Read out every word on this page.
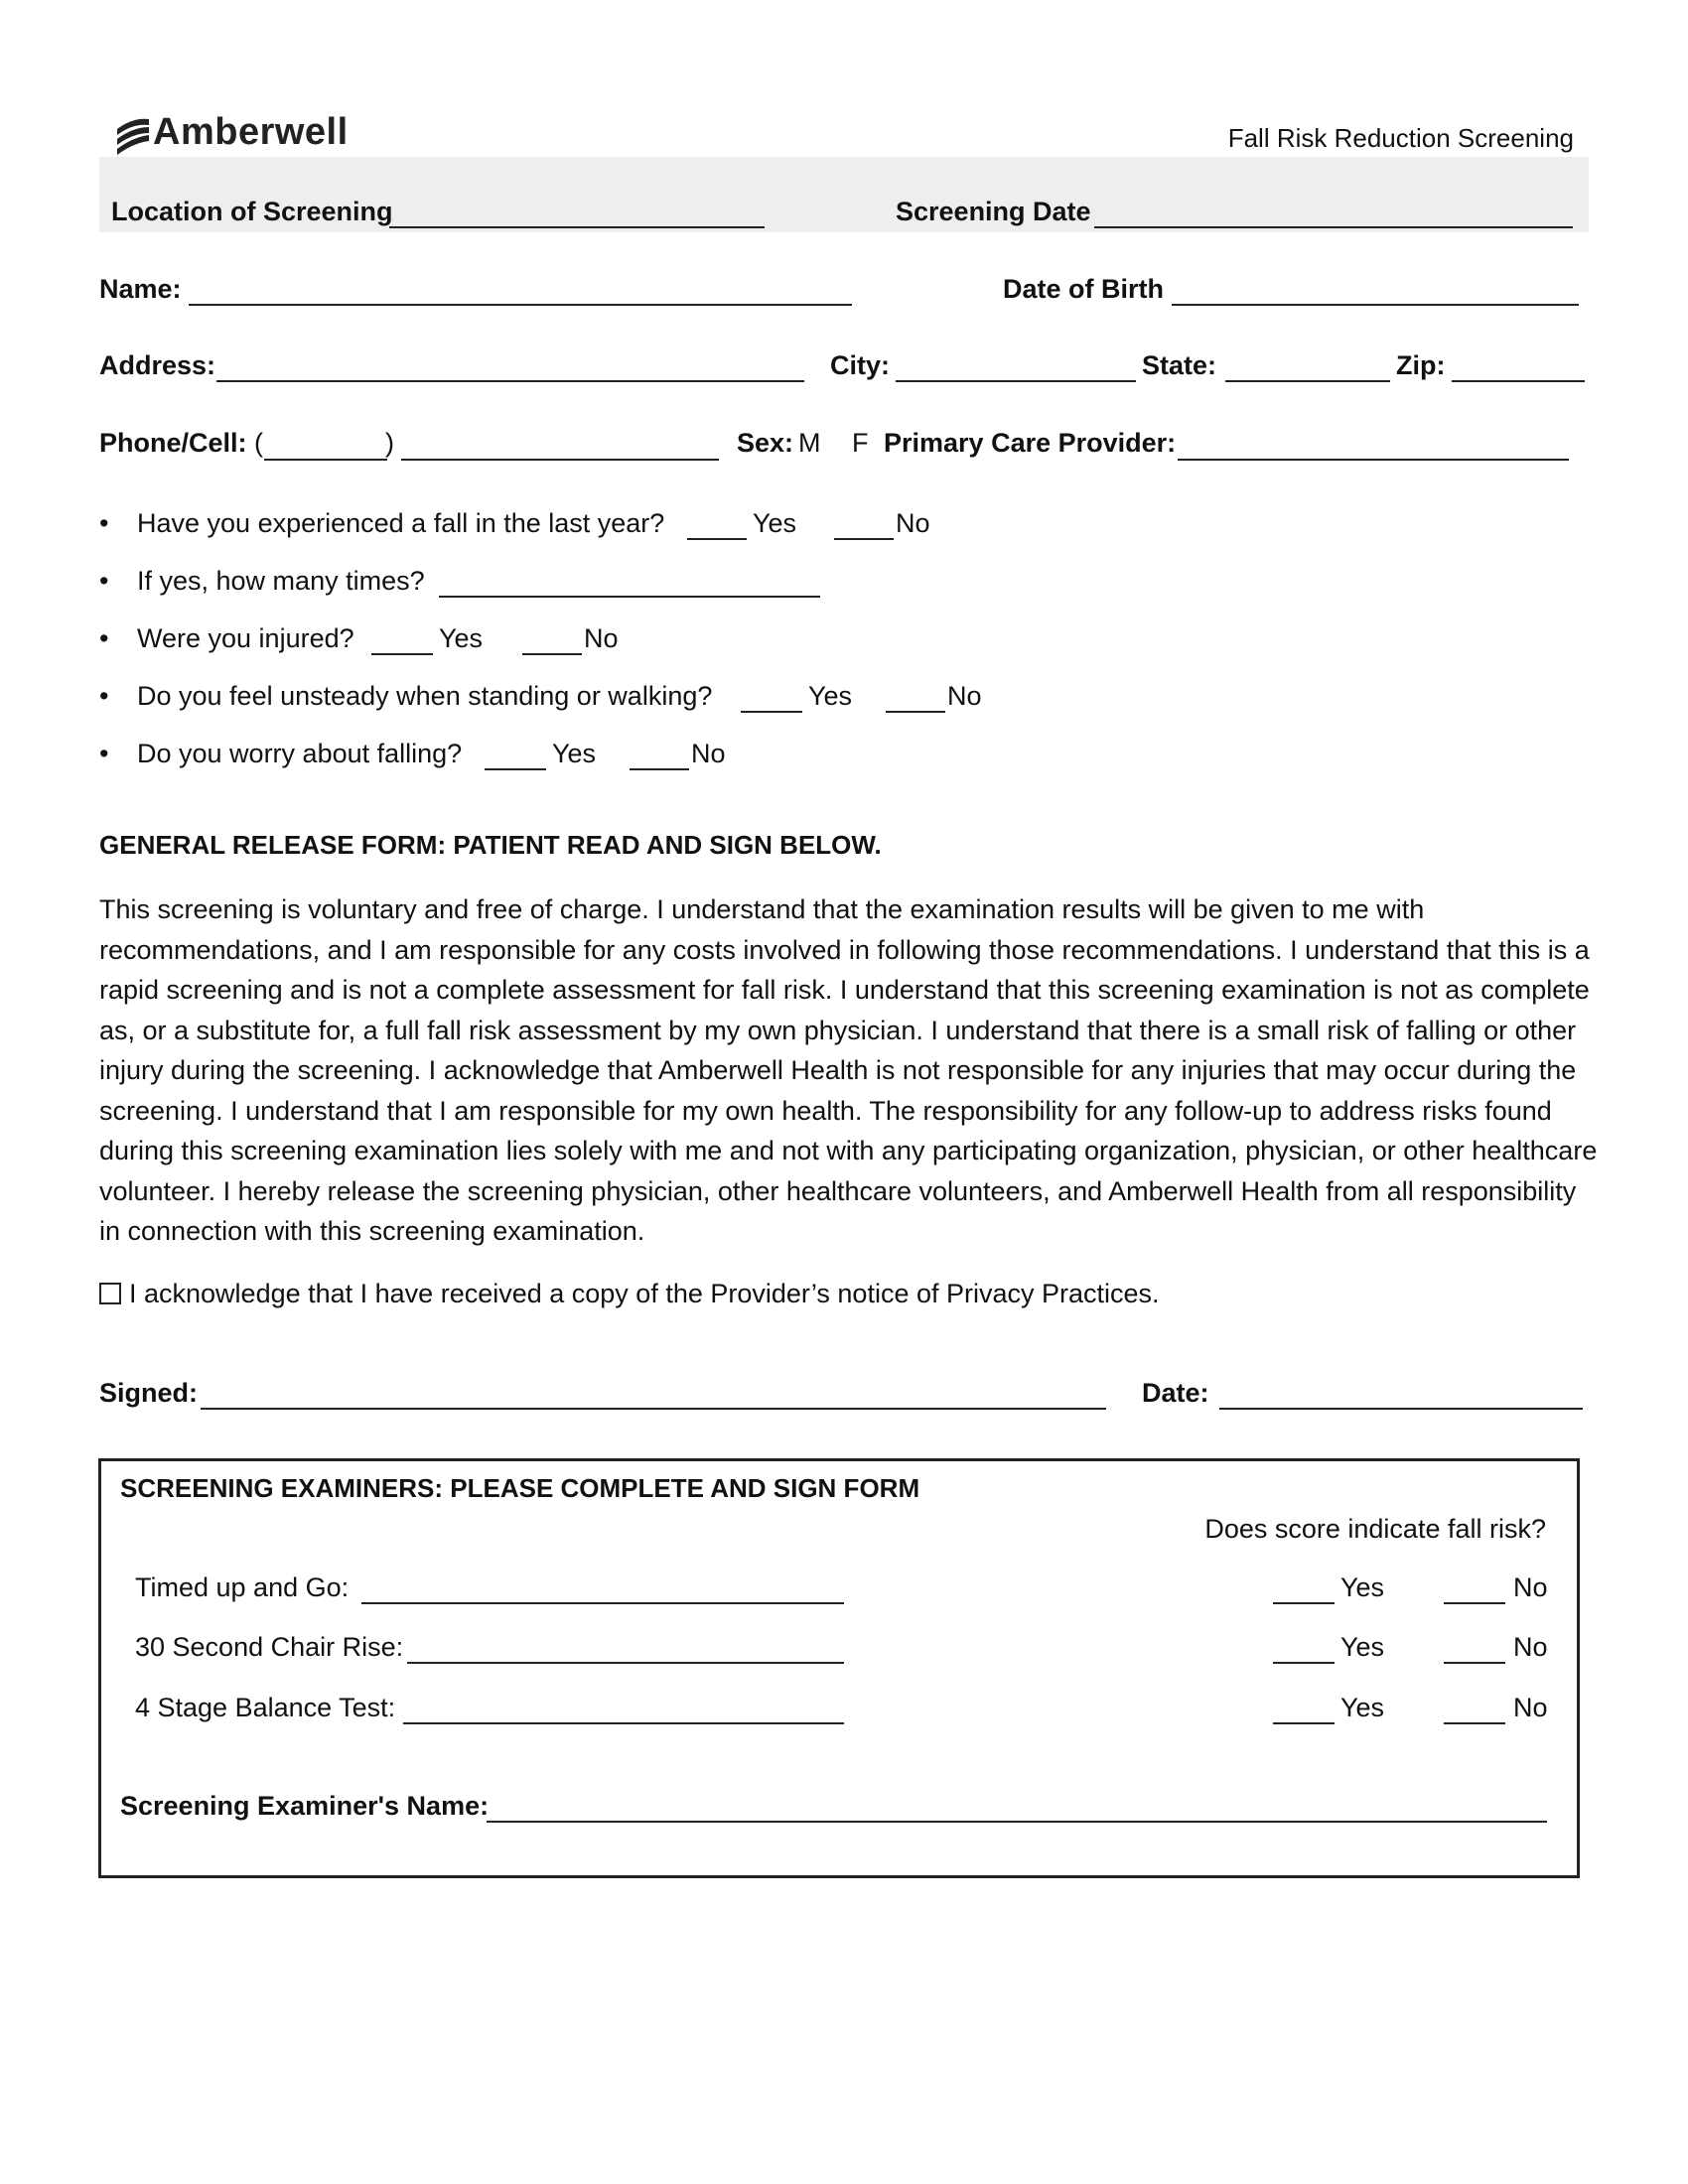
Amberwell	Fall Risk Reduction Screening
Location of Screening	Screening Date
Name:	Date of Birth
Address:	City:	State:	Zip:
Phone/Cell: (	)	Sex: M F Primary Care Provider:
• Have you experienced a fall in the last year?	Yes	No
• If yes, how many times?
• Were you injured?	Yes	No
• Do you feel unsteady when standing or walking?	Yes	No
• Do you worry about falling?	Yes	No
GENERAL RELEASE FORM: PATIENT READ AND SIGN BELOW.
This screening is voluntary and free of charge. I understand that the examination results will be given to me with recommendations, and I am responsible for any costs involved in following those recommendations. I understand that this is a rapid screening and is not a complete assessment for fall risk. I understand that this screening examination is not as complete as, or a substitute for, a full fall risk assessment by my own physician. I understand that there is a small risk of falling or other injury during the screening. I acknowledge that Amberwell Health is not responsible for any injuries that may occur during the screening. I understand that I am responsible for my own health. The responsibility for any follow-up to address risks found during this screening examination lies solely with me and not with any participating organization, physician, or other healthcare volunteer. I hereby release the screening physician, other healthcare volunteers, and Amberwell Health from all responsibility in connection with this screening examination.
I acknowledge that I have received a copy of the Provider’s notice of Privacy Practices.
Signed:	Date:
SCREENING EXAMINERS: PLEASE COMPLETE AND SIGN FORM
Does score indicate fall risk?
Timed up and Go:	Yes	No
30 Second Chair Rise:	Yes	No
4 Stage Balance Test:	Yes	No
Screening Examiner's Name:
